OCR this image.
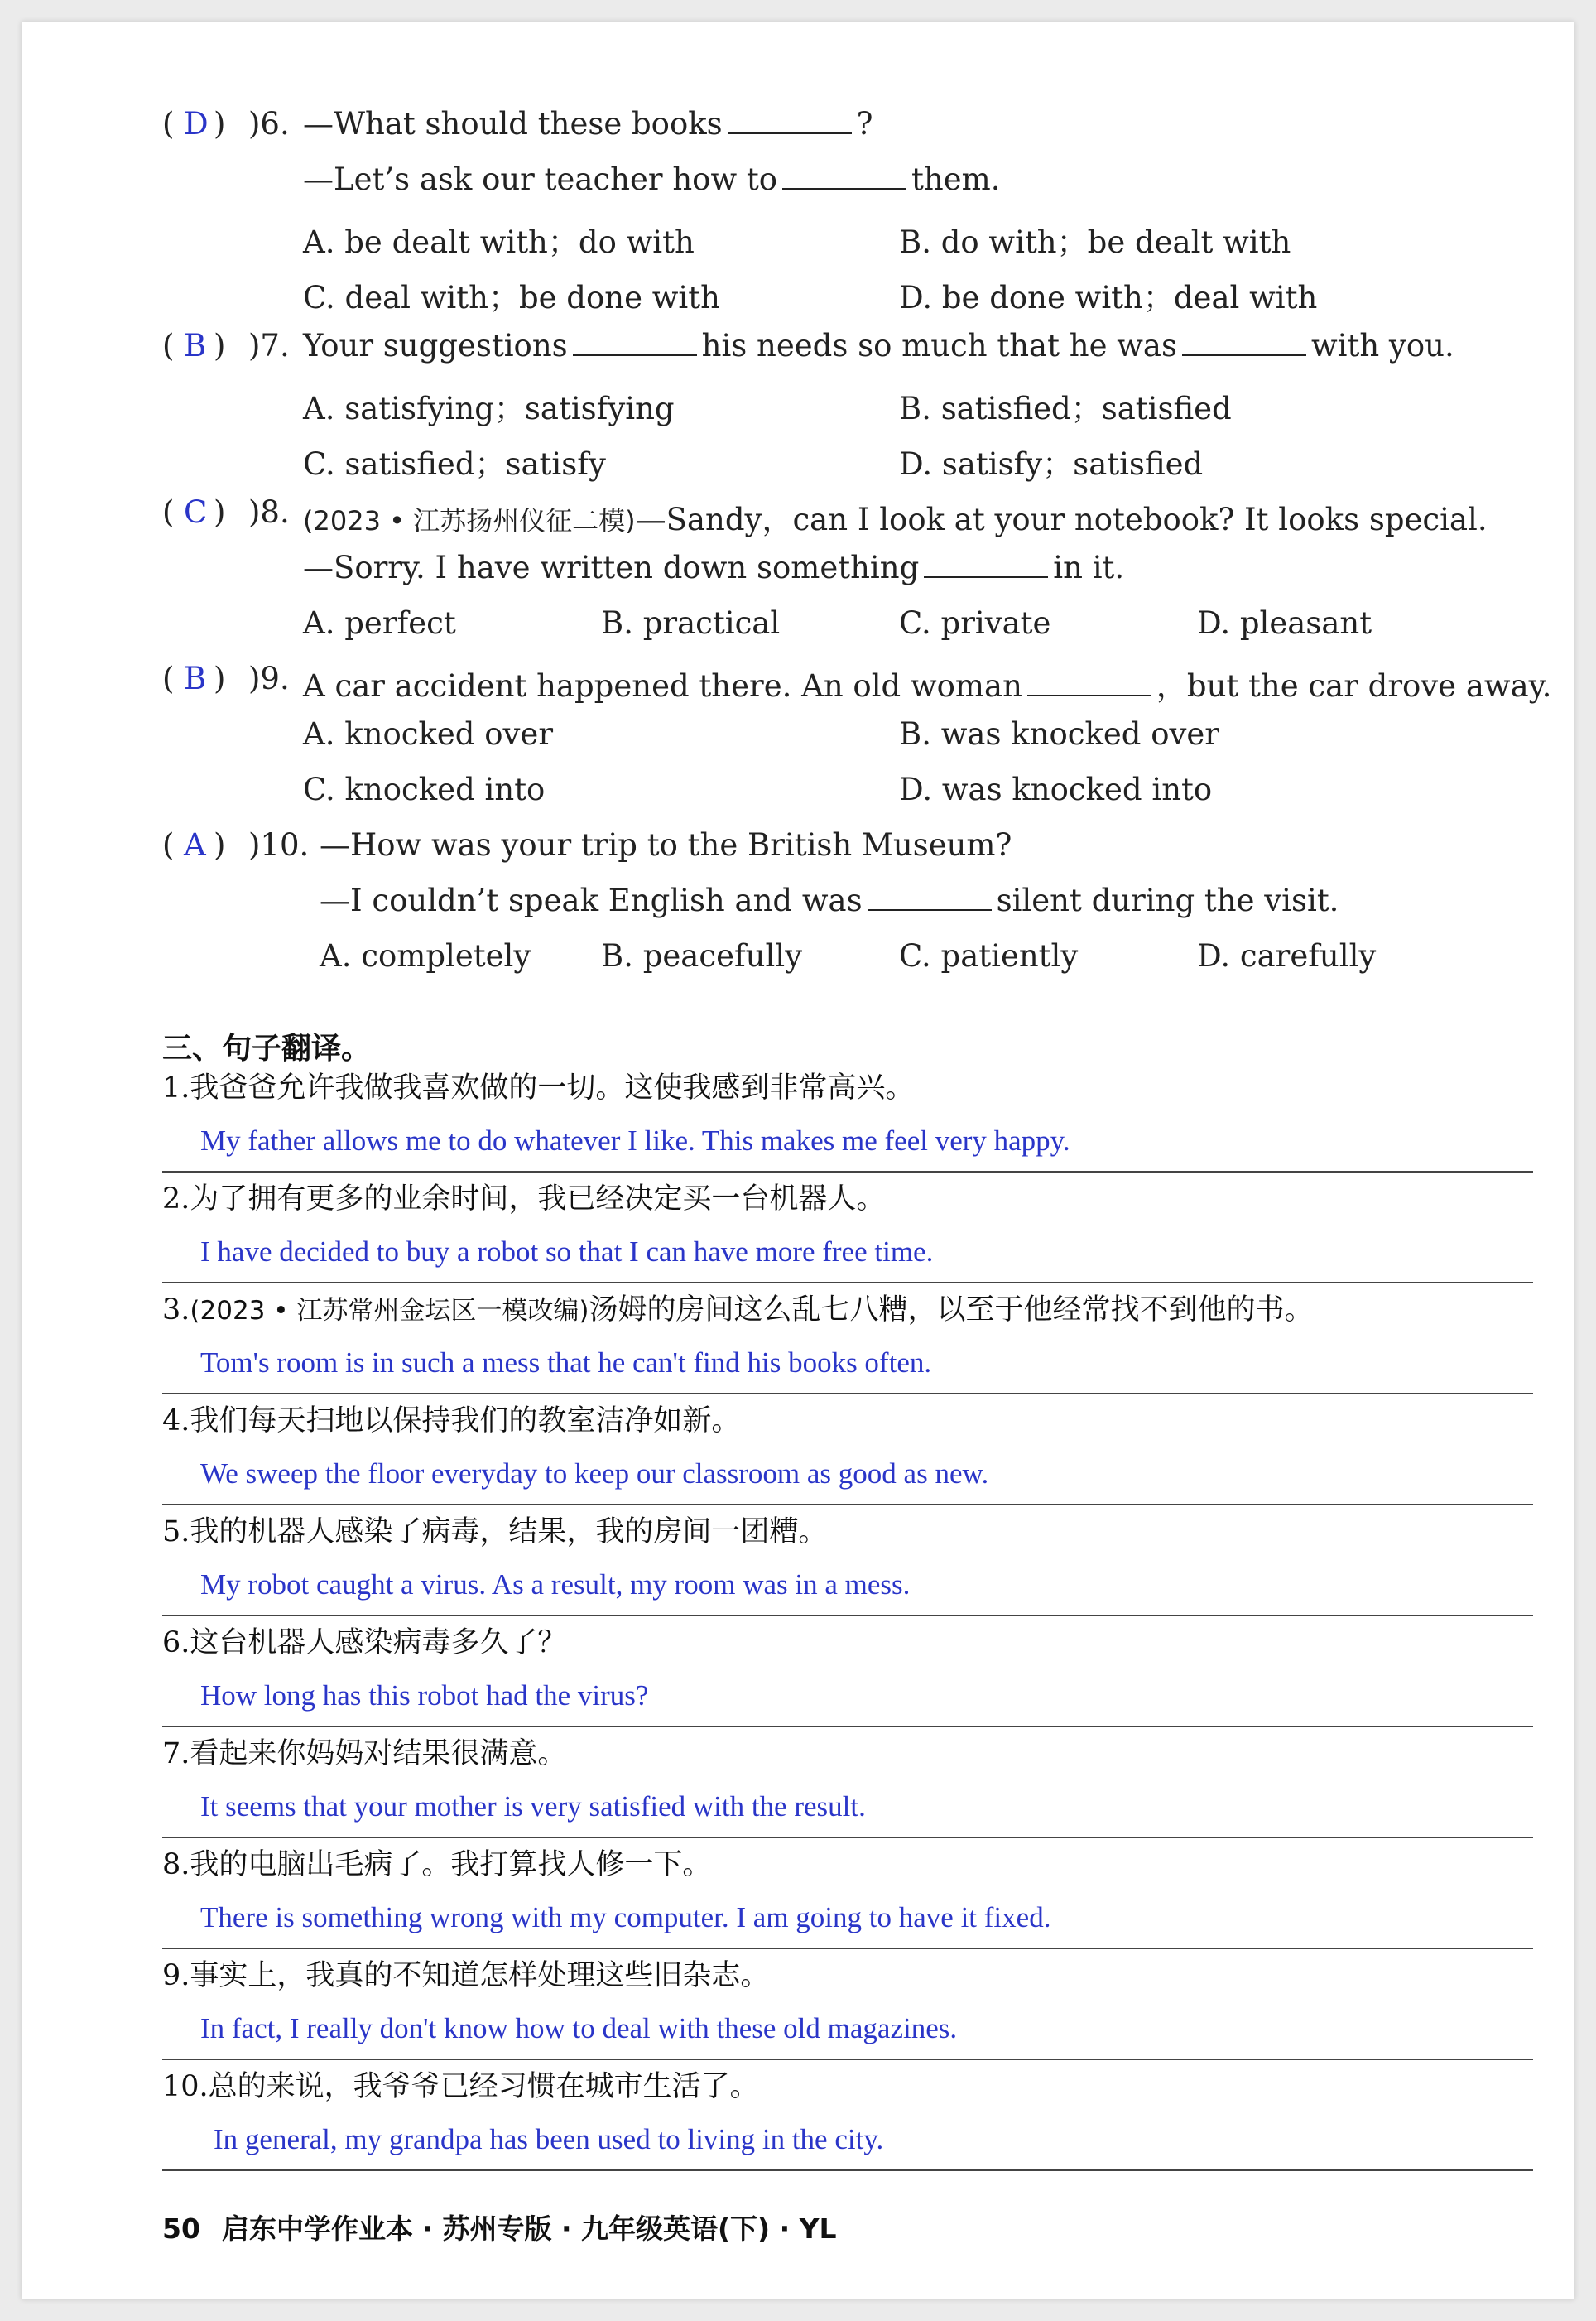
( D ) )6. —What should these books	?
—Let’s ask our teacher how to	them.
A. be dealt with；do with	B. do with；be dealt with
C. deal with；be done with	D. be done with；deal with
( B ) )7. Your suggestions	his needs so much that he was	with you.
A. satisfying；satisfying	B. satisfied；satisfied
C. satisfied；satisfy	D. satisfy；satisfied
( C ) )8. (2023 • 江苏扬州仪征二模)—Sandy，can I look at your notebook? It looks special.
—Sorry. I have written down something	in it.
A. perfect	B. practical	C. private	D. pleasant
( B ) )9. A car accident happened there. An old woman	，but the car drove away.
A. knocked over	B. was knocked over
C. knocked into	D. was knocked into
( A ) )10. —How was your trip to the British Museum?
—I couldn’t speak English and was	silent during the visit.
A. completely B. peacefully	C. patiently	D. carefully
三、句子翻译。
1.我爸爸允许我做我喜欢做的一切。这使我感到非常高兴。
My father allows me to do whatever I like. This makes me feel very happy.
2.为了拥有更多的业余时间，我已经决定买一台机器人。
I have decided to buy a robot so that I can have more free time.
3.(2023 • 江苏常州金坛区一模改编)汤姆的房间这么乱七八糟，以至于他经常找不到他的书。
Tom's room is in such a mess that he can't find his books often.
4.我们每天扫地以保持我们的教室洁净如新。
We sweep the floor everyday to keep our classroom as good as new.
5.我的机器人感染了病毒，结果，我的房间一团糟。
My robot caught a virus. As a result, my room was in a mess.
6.这台机器人感染病毒多久了？
How long has this robot had the virus?
7.看起来你妈妈对结果很满意。
It seems that your mother is very satisfied with the result.
8.我的电脑出毛病了。我打算找人修一下。
There is something wrong with my computer. I am going to have it fixed.
9.事实上，我真的不知道怎样处理这些旧杂志。
In fact, I really don't know how to deal with these old magazines.
10.总的来说，我爷爷已经习惯在城市生活了。
In general, my grandpa has been used to living in the city.
50 启东中学作业本 · 苏州专版 · 九年级英语(下) · YL
